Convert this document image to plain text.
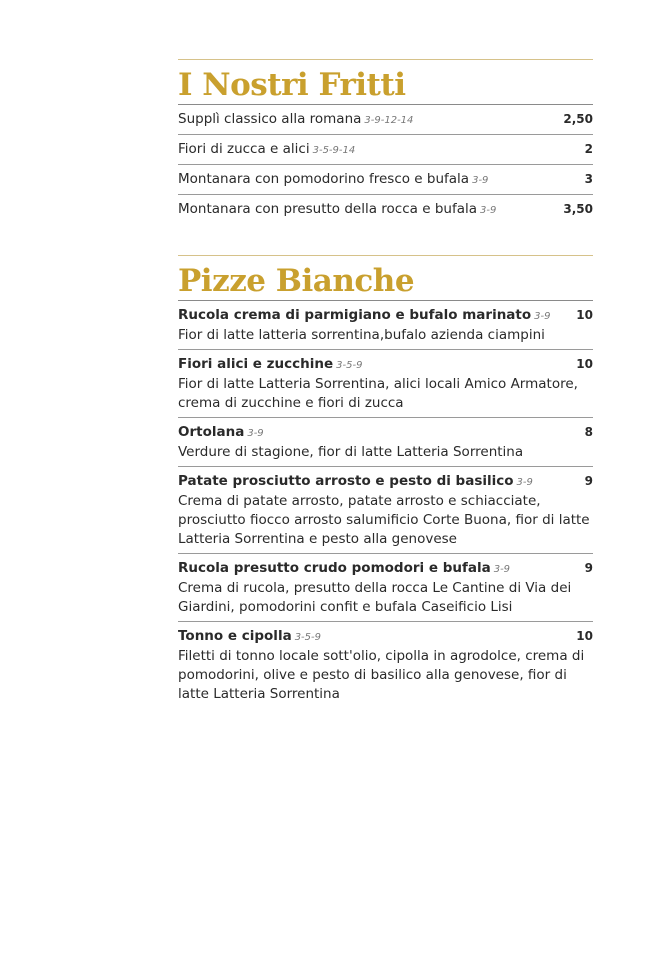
I Nostri Fritti
Supplì classico alla romana 3-9-12-14	2,50
Fiori di zucca e alici 3-5-9-14	2
Montanara con pomodorino fresco e bufala 3-9	3
Montanara con presutto della rocca e bufala 3-9	3,50
Pizze Bianche
Rucola crema di parmigiano e bufalo marinato 3-9 10
Fior di latte latteria sorrentina,bufalo azienda ciampini
Fiori alici e zucchine 3-5-9	10
Fior di latte Latteria Sorrentina, alici locali Amico Armatore, crema di zucchine e fiori di zucca
Ortolana 3-9	8
Verdure di stagione, fior di latte Latteria Sorrentina
Patate prosciutto arrosto e pesto di basilico 3-9	9
Crema di patate arrosto, patate arrosto e schiacciate, prosciutto fiocco arrosto salumificio Corte Buona, fior di latte Latteria Sorrentina e pesto alla genovese
Rucola presutto crudo pomodori e bufala 3-9	9
Crema di rucola, presutto della rocca Le Cantine di Via dei Giardini, pomodorini confit e bufala Caseificio Lisi
Tonno e cipolla 3-5-9	10
Filetti di tonno locale sott'olio, cipolla in agrodolce, crema di pomodorini, olive e pesto di basilico alla genovese, fior di latte Latteria Sorrentina
